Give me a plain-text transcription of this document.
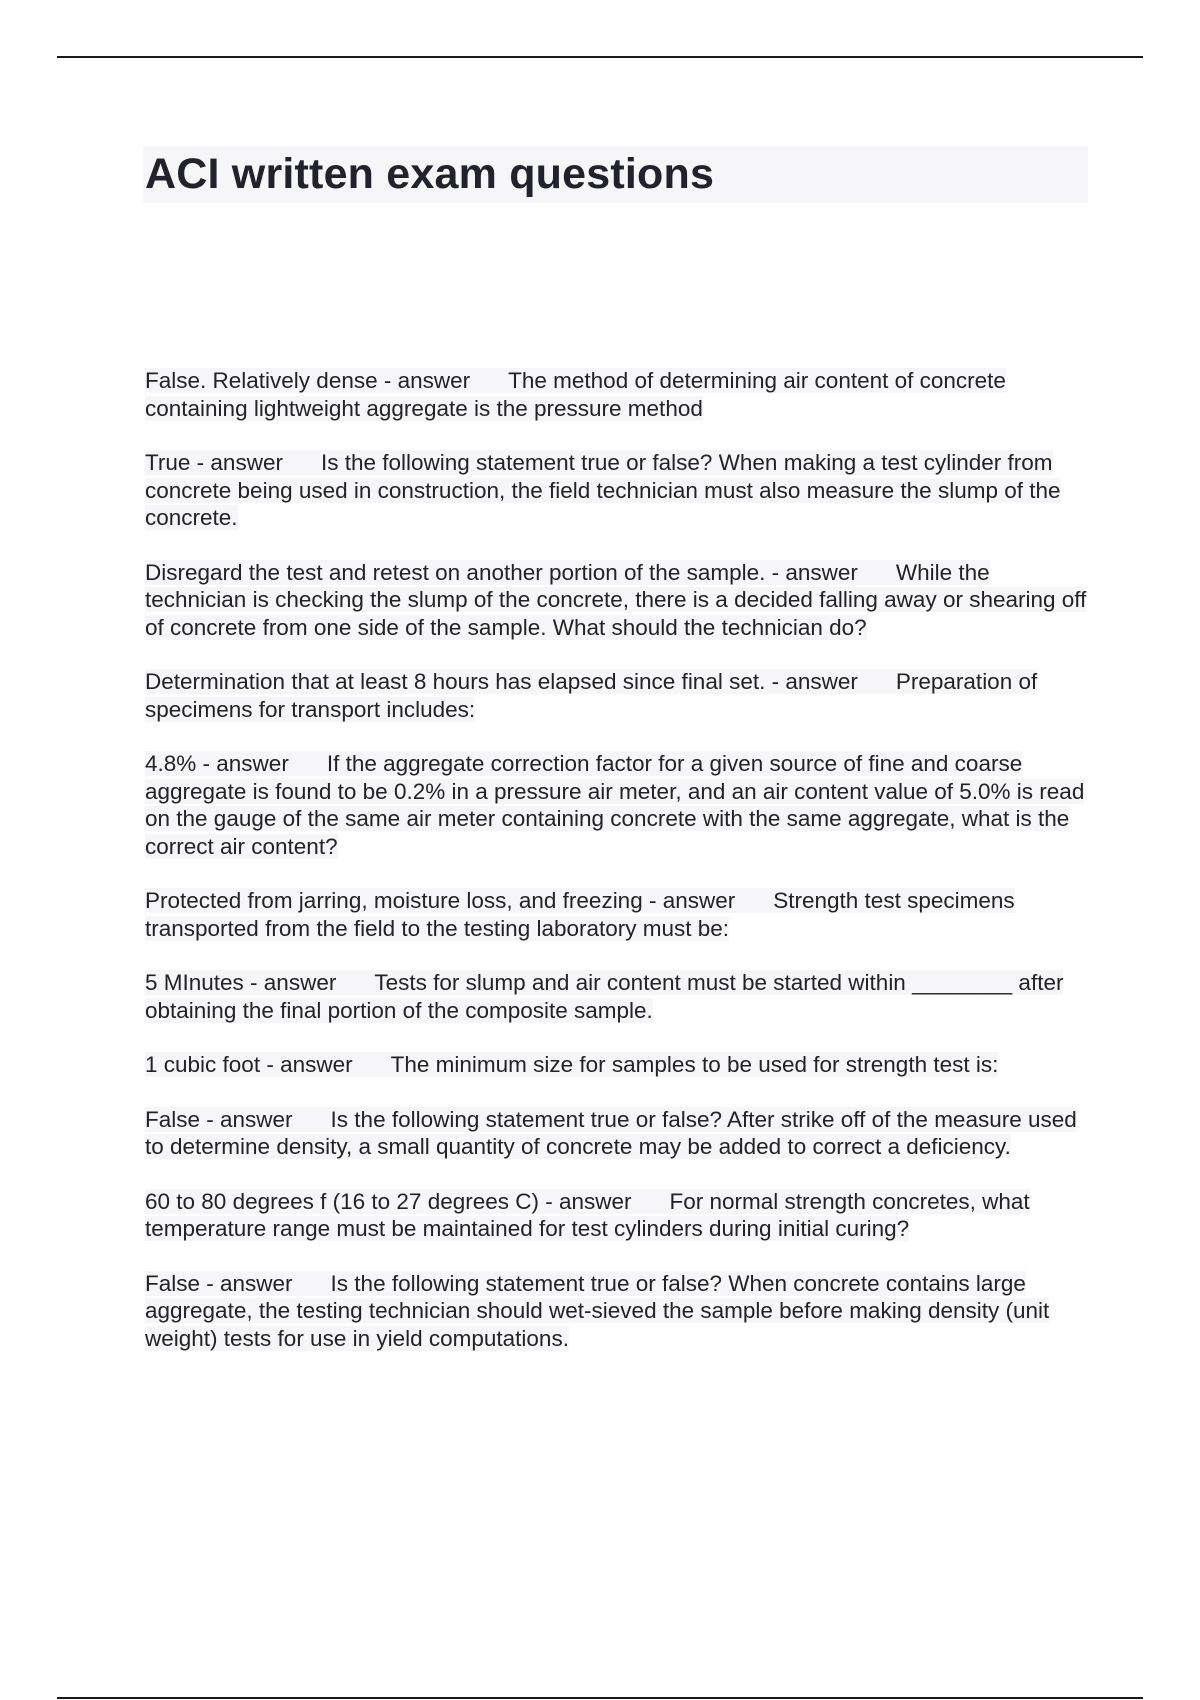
ACI written exam questions

False. Relatively dense - answer The method of determining air content of concrete containing lightweight aggregate is the pressure method

True - answer Is the following statement true or false? When making a test cylinder from concrete being used in construction, the field technician must also measure the slump of the concrete.

Disregard the test and retest on another portion of the sample. - answer While the technician is checking the slump of the concrete, there is a decided falling away or shearing off of concrete from one side of the sample. What should the technician do?

Determination that at least 8 hours has elapsed since final set. - answer Preparation of specimens for transport includes:

4.8% - answer If the aggregate correction factor for a given source of fine and coarse aggregate is found to be 0.2% in a pressure air meter, and an air content value of 5.0% is read on the gauge of the same air meter containing concrete with the same aggregate, what is the correct air content?

Protected from jarring, moisture loss, and freezing - answer Strength test specimens transported from the field to the testing laboratory must be:

5 MInutes - answer Tests for slump and air content must be started within ________ after obtaining the final portion of the composite sample.

1 cubic foot - answer The minimum size for samples to be used for strength test is:

False - answer Is the following statement true or false? After strike off of the measure used to determine density, a small quantity of concrete may be added to correct a deficiency.

60 to 80 degrees f (16 to 27 degrees C) - answer For normal strength concretes, what temperature range must be maintained for test cylinders during initial curing?

False - answer Is the following statement true or false? When concrete contains large aggregate, the testing technician should wet-sieved the sample before making density (unit weight) tests for use in yield computations.
